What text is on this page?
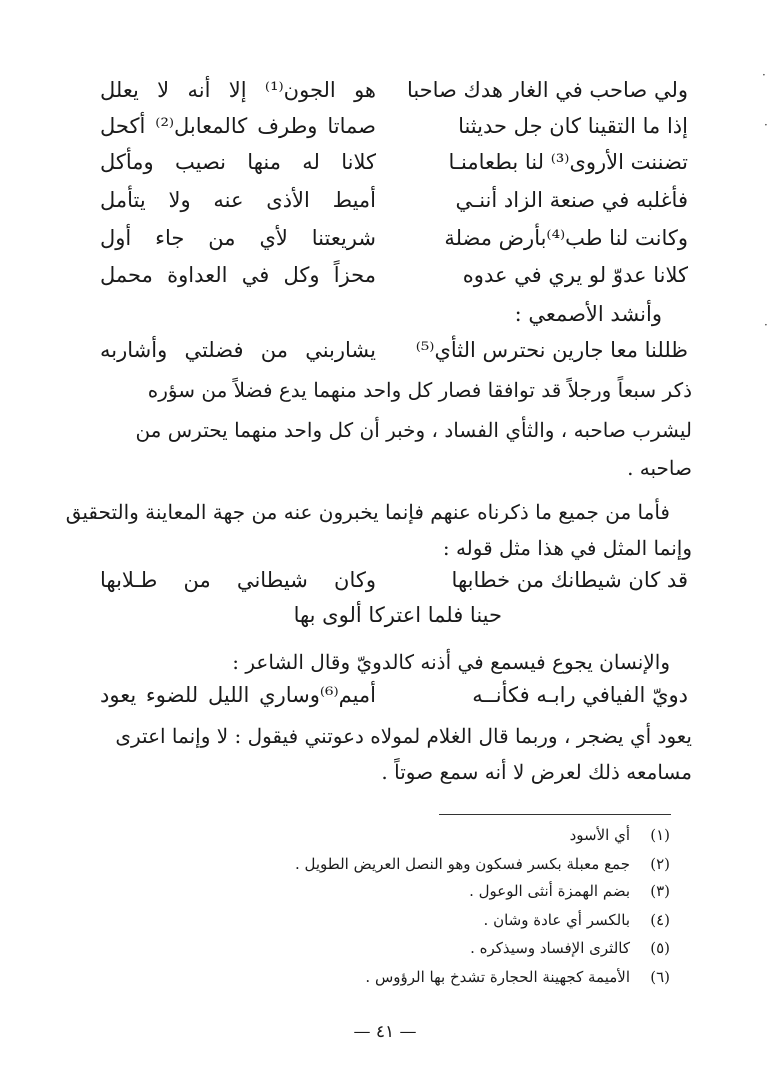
ولي صاحب في الغار هدك صاحبا
هو الجون⁽¹⁾ إلا أنه لا يعلل
إذا ما التقينا كان جل حديثنا
صماتا وطرف كالمعابل⁽²⁾ أكحل
تضننت الأروى⁽³⁾ لنا بطعامنـا
كلانا له منها نصيب ومأكل
فأغلبه في صنعة الزاد أننـي
أميط الأذى عنه ولا يتأمل
وكانت لنا طب⁽⁴⁾بأرض مضلة
شريعتنا لأي من جاء أول
كلانا عدوّ لو يري في عدوه
محزاً وكل في العداوة محمل
وأنشد الأصمعي :
ظللنا معا جارين نحترس الثأي⁽⁵⁾
يشاربني من فضلتي وأشاربه
ذكر سبعاً ورجلاً قد توافقا فصار كل واحد منهما يدع فضلاً من سؤره
ليشرب صاحبه ، والثأي الفساد ، وخبر أن كل واحد منهما يحترس من
صاحبه .
فأما من جميع ما ذكرناه عنهم فإنما يخبرون عنه من جهة المعاينة والتحقيق
وإنما المثل في هذا مثل قوله :
قد كان شيطانك من خطابها
وكان شيطاني من طـلابها
حينا فلما اعتركا ألوى بها
والإنسان يجوع فيسمع في أذنه كالدويّ وقال الشاعر :
دويّ الفيافي رابـه فكأنــه
أميم⁽⁶⁾وساري الليل للضوء يعود
يعود أي يضجر ، وربما قال الغلام لمولاه دعوتني فيقول : لا وإنما اعترى
مسامعه ذلك لعرض لا أنه سمع صوتاً .
(١)أي الأسود
(٢)جمع معبلة بكسر فسكون وهو النصل العريض الطويل .
(٣)بضم الهمزة أنثى الوعول .
(٤)بالكسر أي عادة وشان .
(٥)كالثرى الإفساد وسيذكره .
(٦)الأميمة كجهينة الحجارة تشدخ بها الرؤوس .
— ٤١ —
·
·
·
